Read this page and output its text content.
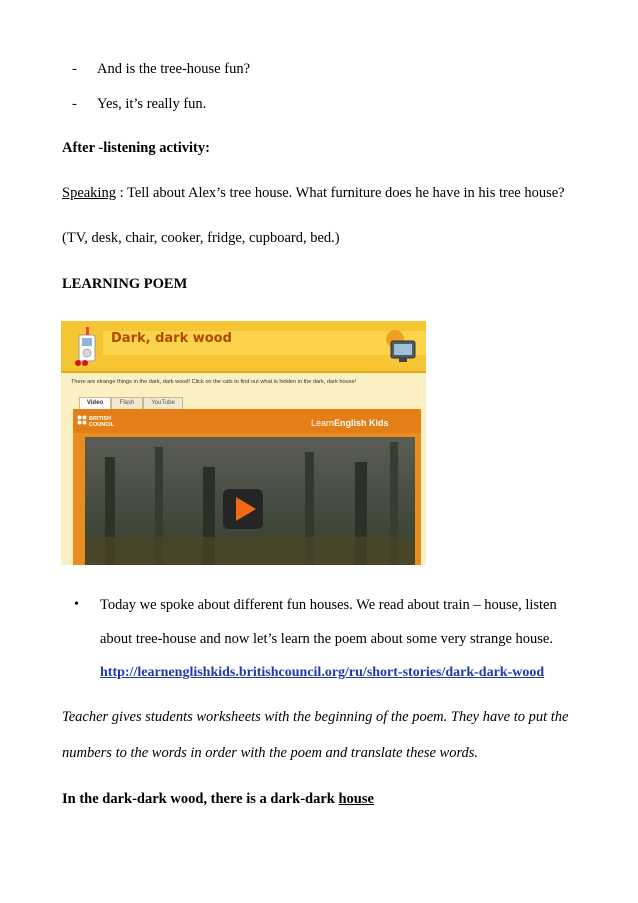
- And is the tree-house fun?
- Yes, it’s really fun.
After -listening activity:
Speaking : Tell about Alex’s tree house. What furniture does he have in his tree house?
(TV, desk, chair, cooker, fridge, cupboard, bed.)
LEARNING POEM
Dark, dark wood
There are strange things in the dark, dark wood! Click on the cats to find out what is hidden in the dark, dark house!
Video	Flash	YouTube
BRITISH
COUNCIL	LearnEnglish Kids
• Today we spoke about different fun houses. We read about train – house, listen
about tree-house and now let’s learn the poem about some very strange house.
http://learnenglishkids.britishcouncil.org/ru/short-stories/dark-dark-wood
Teacher gives students worksheets with the beginning of the poem. They have to put the
numbers to the words in order with the poem and translate these words.
In the dark-dark wood, there is a dark-dark house
